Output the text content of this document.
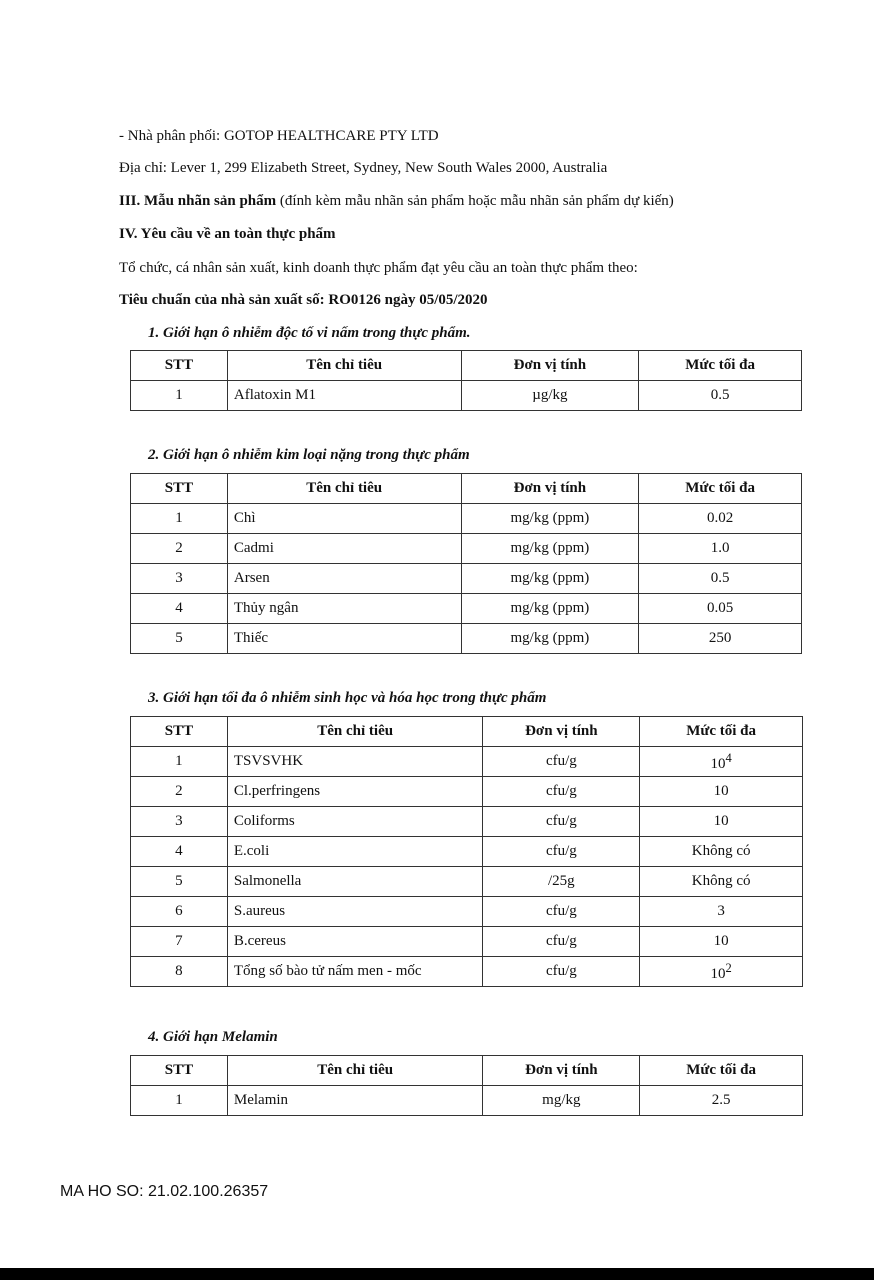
- Nhà phân phối: GOTOP HEALTHCARE PTY LTD
Địa chỉ: Lever 1, 299 Elizabeth Street, Sydney, New South Wales 2000, Australia
III. Mẫu nhãn sản phẩm (đính kèm mẫu nhãn sản phẩm hoặc mẫu nhãn sản phẩm dự kiến)
IV. Yêu cầu về an toàn thực phẩm
Tổ chức, cá nhân sản xuất, kinh doanh thực phẩm đạt yêu cầu an toàn thực phẩm theo:
Tiêu chuẩn của nhà sản xuất số: RO0126 ngày 05/05/2020
1. Giới hạn ô nhiễm độc tố vi nấm trong thực phẩm.
STT	Tên chỉ tiêu	Đơn vị tính	Mức tối đa
1	Aflatoxin M1	µg/kg	0.5
2. Giới hạn ô nhiễm kim loại nặng trong thực phẩm
STT	Tên chỉ tiêu	Đơn vị tính	Mức tối đa
1	Chì	mg/kg (ppm)	0.02
2	Cadmi	mg/kg (ppm)	1.0
3	Arsen	mg/kg (ppm)	0.5
4	Thủy ngân	mg/kg (ppm)	0.05
5	Thiếc	mg/kg (ppm)	250
3. Giới hạn tối đa ô nhiễm sinh học và hóa học trong thực phẩm
STT	Tên chỉ tiêu	Đơn vị tính	Mức tối đa
1	TSVSVHK	cfu/g	$10^4$
2	Cl.perfringens	cfu/g	10
3	Coliforms	cfu/g	10
4	E.coli	cfu/g	Không có
5	Salmonella	/25g	Không có
6	S.aureus	cfu/g	3
7	B.cereus	cfu/g	10
8	Tổng số bào tử nấm men - mốc	cfu/g	$10^2$
4. Giới hạn Melamin
STT	Tên chỉ tiêu	Đơn vị tính	Mức tối đa
1	Melamin	mg/kg	2.5
MA HO SO: 21.02.100.26357
